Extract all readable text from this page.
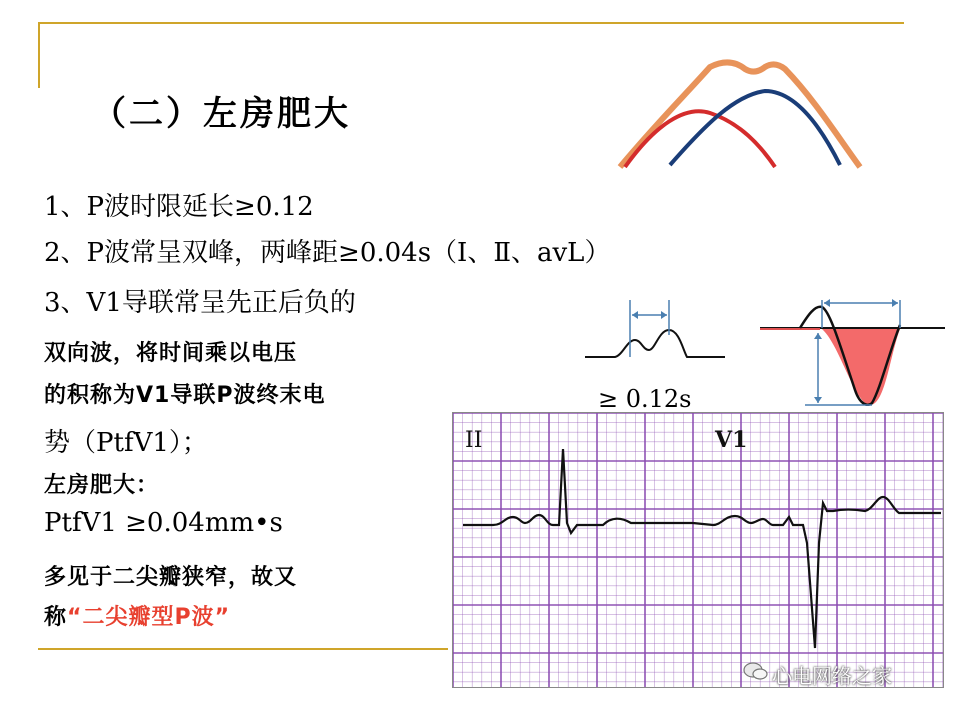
（二）左房肥大
1、P波时限延长≥0.12
2、P波常呈双峰，两峰距≥0.04s（Ⅰ、Ⅱ、avL）
3、V1导联常呈先正后负的
双向波，将时间乘以电压
的积称为V1导联P波终末电
势（PtfV1）；
左房肥大：
PtfV1 ≥0.04mm•s
多见于二尖瓣狭窄，故又
称“二尖瓣型P波”
≥ 0.12s
II	V1
心电网络之家
